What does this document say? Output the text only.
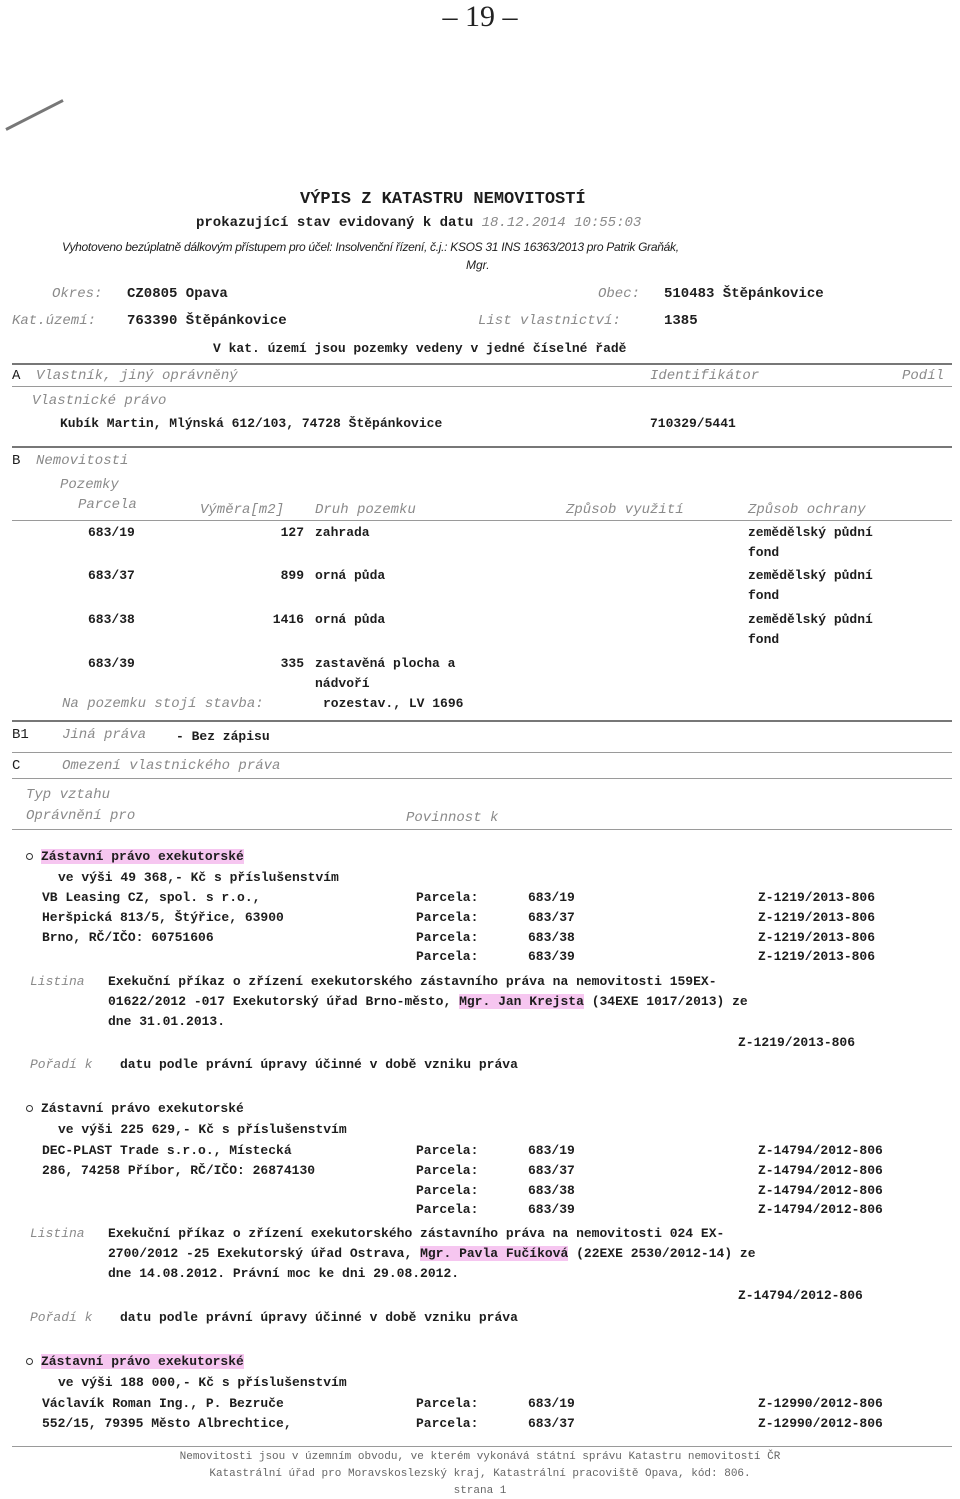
– 19 –
VÝPIS Z KATASTRU NEMOVITOSTÍ
prokazující stav evidovaný k datu 18.12.2014 10:55:03
Vyhotoveno bezúplatně dálkovým přístupem pro účel: Insolvenční řízení, č.j.: KSOS 31 INS 16363/2013 pro Patrik Graňák,
Mgr.
Okres: CZ0805 Opava	Obec: 510483 Štěpánkovice
Kat.území: 763390 Štěpánkovice	List vlastnictví:	1385
V kat. území jsou pozemky vedeny v jedné číselné řadě
A Vlastník, jiný oprávněný	Identifikátor	Podíl
Vlastnické právo
Kubík Martin, Mlýnská 612/103, 74728 Štěpánkovice	710329/5441
B Nemovitosti
Pozemky
Parcela	Výměra[m2] Druh pozemku	Způsob využití	Způsob ochrany
683/19	127 zahrada	zemědělský půdní
fond
683/37	899 orná půda	zemědělský půdní
fond
683/38	1416 orná půda	zemědělský půdní
fond
683/39	335 zastavěná plocha a
nádvoří
Na pozemku stojí stavba:	rozestav., LV 1696
B1 Jiná práva - Bez zápisu
C	Omezení vlastnického práva
Typ vztahu
Oprávnění pro	Povinnost k
Zástavní právo exekutorské
ve výši 49 368,- Kč s příslušenstvím
VB Leasing CZ, spol. s r.o.,
Heršpická 813/5, Štýřice, 63900
Brno, RČ/IČO: 60751606
Parcela:	683/19	Z-1219/2013-806
Parcela:	683/37	Z-1219/2013-806
Parcela:	683/38	Z-1219/2013-806
Parcela:	683/39	Z-1219/2013-806
Listina Exekuční příkaz o zřízení exekutorského zástavního práva na nemovitosti 159EX-
01622/2012 -017 Exekutorský úřad Brno-město, Mgr. Jan Krejsta (34EXE 1017/2013) ze
dne 31.01.2013.
Z-1219/2013-806
Pořadí k datu podle právní úpravy účinné v době vzniku práva
Zástavní právo exekutorské
ve výši 225 629,- Kč s příslušenstvím
DEC-PLAST Trade s.r.o., Místecká
286, 74258 Příbor, RČ/IČO: 26874130
Parcela:	683/19	Z-14794/2012-806
Parcela:	683/37	Z-14794/2012-806
Parcela:	683/38	Z-14794/2012-806
Parcela:	683/39	Z-14794/2012-806
Listina Exekuční příkaz o zřízení exekutorského zástavního práva na nemovitosti 024 EX-
2700/2012 -25 Exekutorský úřad Ostrava, Mgr. Pavla Fučíková (22EXE 2530/2012-14) ze
dne 14.08.2012. Právní moc ke dni 29.08.2012.
Z-14794/2012-806
Pořadí k datu podle právní úpravy účinné v době vzniku práva
Zástavní právo exekutorské
ve výši 188 000,- Kč s příslušenstvím
Václavík Roman Ing., P. Bezruče
552/15, 79395 Město Albrechtice,
Parcela:	683/19	Z-12990/2012-806
Parcela:	683/37	Z-12990/2012-806
Nemovitosti jsou v územním obvodu, ve kterém vykonává státní správu Katastru nemovitostí ČR
Katastrální úřad pro Moravskoslezský kraj, Katastrální pracoviště Opava, kód: 806.
strana 1
